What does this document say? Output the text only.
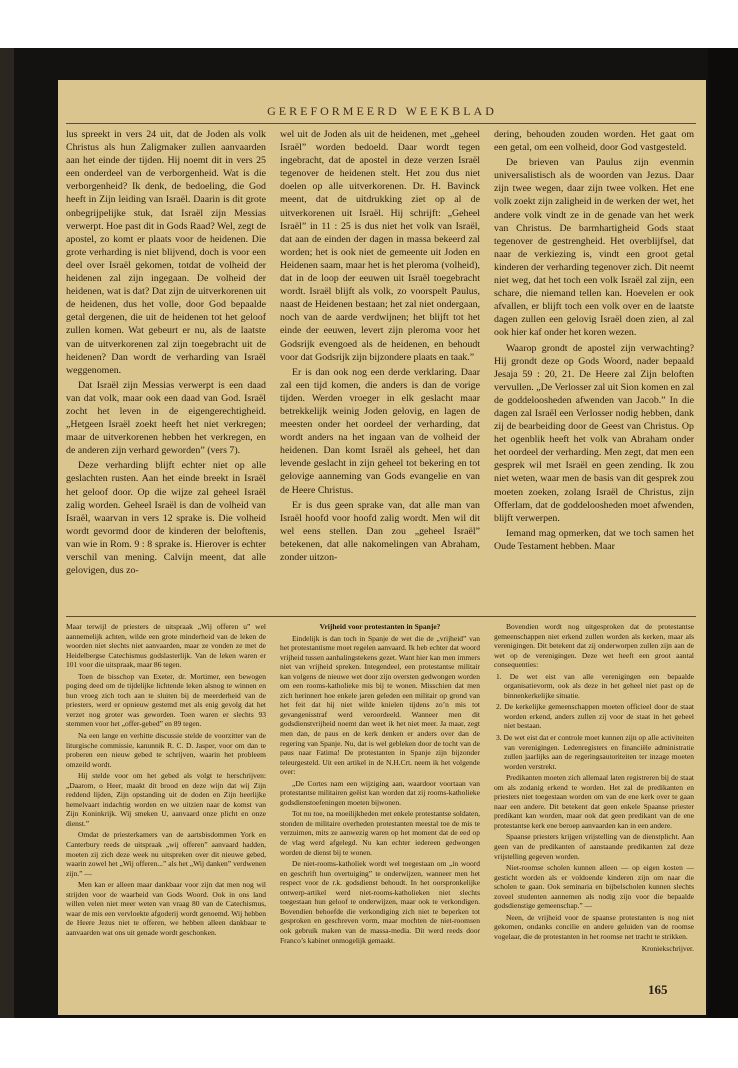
GEREFORMEERD WEEKBLAD

lus spreekt in vers 24 uit, dat de Joden als volk Christus als hun Zaligmaker zullen aanvaarden aan het einde der tijden. Hij noemt dit in vers 25 een onderdeel van de verborgenheid. Wat is die verborgenheid? Ik denk, de bedoeling, die God heeft in Zijn leiding van Israël. Daarin is dit grote onbegrijpelijke stuk, dat Israël zijn Messias verwerpt. Hoe past dit in Gods Raad? Wel, zegt de apostel, zo komt er plaats voor de heidenen. Die grote verharding is niet blijvend, doch is voor een deel over Israël gekomen, totdat de volheid der heidenen zal zijn ingegaan. De volheid der heidenen, wat is dat? Dat zijn de uitverkorenen uit de heidenen, dus het volle, door God bepaalde getal dergenen, die uit de heidenen tot het geloof zullen komen. Wat gebeurt er nu, als de laatste van de uitverkorenen zal zijn toegebracht uit de heidenen? Dan wordt de verharding van Israël weggenomen.

Dat Israël zijn Messias verwerpt is een daad van dat volk, maar ook een daad van God. Israël zocht het leven in de eigengerechtigheid. „Hetgeen Israël zoekt heeft het niet verkregen; maar de uitverkorenen hebben het verkregen, en de anderen zijn verhard geworden” (vers 7).

Deze verharding blijft echter niet op alle geslachten rusten. Aan het einde breekt in Israël het geloof door. Op die wijze zal geheel Israël zalig worden. Geheel Israël is dan de volheid van Israël, waarvan in vers 12 sprake is. Die volheid wordt gevormd door de kinderen der beloftenis, van wie in Rom. 9 : 8 sprake is. Hierover is echter verschil van mening. Calvijn meent, dat alle gelovigen, dus zo-

wel uit de Joden als uit de heidenen, met „geheel Israël” worden bedoeld. Daar wordt tegen ingebracht, dat de apostel in deze verzen Israël tegenover de heidenen stelt. Het zou dus niet doelen op alle uitverkorenen. Dr. H. Bavinck meent, dat de uitdrukking ziet op al de uitverkorenen uit Israël. Hij schrijft: „Geheel Israël” in 11 : 25 is dus niet het volk van Israël, dat aan de einden der dagen in massa bekeerd zal worden; het is ook niet de gemeente uit Joden en Heidenen saam, maar het is het pleroma (volheid), dat in de loop der eeuwen uit Israël toegebracht wordt. Israël blijft als volk, zo voorspelt Paulus, naast de Heidenen bestaan; het zal niet ondergaan, noch van de aarde verdwijnen; het blijft tot het einde der eeuwen, levert zijn pleroma voor het Godsrijk evengoed als de heidenen, en behoudt voor dat Godsrijk zijn bijzondere plaats en taak.”

Er is dan ook nog een derde verklaring. Daar zal een tijd komen, die anders is dan de vorige tijden. Werden vroeger in elk geslacht maar betrekkelijk weinig Joden gelovig, en lagen de meesten onder het oordeel der verharding, dat wordt anders na het ingaan van de volheid der heidenen. Dan komt Israël als geheel, het dan levende geslacht in zijn geheel tot bekering en tot gelovige aanneming van Gods evangelie en van de Heere Christus.

Er is dus geen sprake van, dat alle man van Israël hoofd voor hoofd zalig wordt. Men wil dit wel eens stellen. Dan zou „geheel Israël” betekenen, dat alle nakomelingen van Abraham, zonder uitzon-

dering, behouden zouden worden. Het gaat om een getal, om een volheid, door God vastgesteld.

De brieven van Paulus zijn evenmin universalistisch als de woorden van Jezus. Daar zijn twee wegen, daar zijn twee volken. Het ene volk zoekt zijn zaligheid in de werken der wet, het andere volk vindt ze in de genade van het werk van Christus. De barmhartigheid Gods staat tegenover de gestrengheid. Het overblijfsel, dat naar de verkiezing is, vindt een groot getal kinderen der verharding tegenover zich. Dit neemt niet weg, dat het toch een volk Israël zal zijn, een schare, die niemand tellen kan. Hoevelen er ook afvallen, er blijft toch een volk over en de laatste dagen zullen een gelovig Israël doen zien, al zal ook hier kaf onder het koren wezen.

Waarop grondt de apostel zijn verwachting? Hij grondt deze op Gods Woord, nader bepaald Jesaja 59 : 20, 21. De Heere zal Zijn beloften vervullen. „De Verlosser zal uit Sion komen en zal de goddeloosheden afwenden van Jacob.” In die dagen zal Israël een Verlosser nodig hebben, dank zij de bearbeiding door de Geest van Christus. Op het ogenblik heeft het volk van Abraham onder het oordeel der verharding. Men zegt, dat men een gesprek wil met Israël en geen zending. Ik zou niet weten, waar men de basis van dit gesprek zou moeten zoeken, zolang Israël de Christus, zijn Offerlam, dat de goddeloosheden moet afwenden, blijft verwerpen.

Iemand mag opmerken, dat we toch samen het Oude Testament hebben. Maar

Maar terwijl de priesters de uitspraak „Wij offeren u” wel aannemelijk achten, wilde een grote minderheid van de leken de woorden niet slechts niet aanvaarden, maar ze vonden ze met de Heidelbergse Catechismus godslasterlijk. Van de leken waren er 101 voor die uitspraak, maar 86 tegen.

Toen de bisschop van Exeter, dr. Mortimer, een bewogen poging deed om de tijdelijke lichtende leken alsnog te winnen en hun vroeg zich toch aan te sluiten bij de meerderheid van de priesters, werd er opnieuw gestemd met als enig gevolg dat het verzet nog groter was geworden. Toen waren er slechts 93 stemmen voor het „offer-gebed” en 89 tegen.

Na een lange en verhitte discussie stelde de voorzitter van de liturgische commissie, kanunnik R. C. D. Jasper, voor om dan te proberen een nieuw gebed te schrijven, waarin het probleem omzeild wordt.

Hij stelde voor om het gebed als volgt te herschrijven: „Daarom, o Heer, maakt dit brood en deze wijn dat wij Zijn reddend lijden, Zijn opstanding uit de doden en Zijn heerlijke hemelvaart indachtig worden en we uitzien naar de komst van Zijn Koninkrijk. Wij smeken U, aanvaard onze plicht en onze dienst.”

Omdat de priesterkamers van de aartsbisdommen York en Canterbury reeds de uitspraak „wij offeren” aanvaard hadden, moeten zij zich deze week nu uitspreken over dit nieuwe gebed, waarin zowel het „Wij offeren...” als het „Wij danken” verdwenen zijn.” —

Men kan er alleen maar dankbaar voor zijn dat men nog wil strijden voor de waarheid van Gods Woord. Ook in ons land willen velen niet meer weten van vraag 80 van de Catechismus, waar de mis een vervloekte afgoderij wordt genoemd. Wij hebben de Heere Jezus niet te offeren, we hebben alleen dankbaar te aanvaarden wat ons uit genade wordt geschonken.

Vrijheid voor protestanten in Spanje?

Eindelijk is dan toch in Spanje de wet die de „vrijheid” van het protestantisme moet regelen aanvaard. Ik heb echter dat woord vrijheid tussen aanhalingstekens gezet. Want hier kan men immers niet van vrijheid spreken. Integendeel, een protestantse militair kan volgens de nieuwe wet door zijn oversten gedwongen worden om een rooms-katholieke mis bij te wonen. Misschien dat men zich herinnert hoe enkele jaren geleden een militair op grond van het feit dat hij niet wilde knielen tijdens zo’n mis tot gevangenisstraf werd veroordeeld. Wanneer men dit godsdienstvrijheid noemt dan weet ik het niet meer. Ja maar, zegt men dan, de paus en de kerk denken er anders over dan de regering van Spanje. Nu, dat is wel gebleken door de tocht van de paus naar Fatima! De protestanten in Spanje zijn bijzonder teleurgesteld. Uit een artikel in de N.H.Crt. neem ik het volgende over:

„De Cortes nam een wijziging aan, waardoor voortaan van protestantse militairen geëist kan worden dat zij rooms-katholieke godsdienstoefeningen moeten bijwonen.

Tot nu toe, na moeilijkheden met enkele protestantse soldaten, stonden de militaire overheden protestanten meestal toe de mis te verzuimen, mits ze aanwezig waren op het moment dat de eed op de vlag werd afgelegd. Nu kan echter iedereen gedwongen worden de dienst bij te wonen.

De niet-rooms-katholiek wordt wel toegestaan om „in woord en geschrift hun overtuiging” te onderwijzen, wanneer men het respect voor de r.k. godsdienst behoudt. In het oorspronkelijke ontwerp-artikel werd niet-rooms-katholieken niet slechts toegestaan hun geloof te onderwijzen, maar ook te verkondigen. Bovendien behoefde die verkondiging zich niet te beperken tot gesproken en geschreven vorm, maar mochten de niet-roomsen ook gebruik maken van de massa-media. Dit werd reeds door Franco’s kabinet onmogelijk gemaakt.

Bovendien wordt nog uitgesproken dat de protestantse gemeenschappen niet erkend zullen worden als kerken, maar als verenigingen. Dit betekent dat zij onderworpen zullen zijn aan de wet op de verenigingen. Deze wet heeft een groot aantal consequenties:

1. De wet eist van alle verenigingen een bepaalde organisatievorm, ook als deze in het geheel niet past op de binnenkerkelijke situatie.

2. De kerkelijke gemeenschappen moeten officieel door de staat worden erkend, anders zullen zij voor de staat in het geheel niet bestaan.

3. De wet eist dat er controle moet kunnen zijn op alle activiteiten van verenigingen. Ledenregisters en financiële administratie zullen jaarlijks aan de regeringsautoriteiten ter inzage moeten worden verstrekt.

Predikanten moeten zich allemaal laten registreren bij de staat om als zodanig erkend te worden. Het zal de predikanten en priesters niet toegestaan worden om van de ene kerk over te gaan naar een andere. Dit betekent dat geen enkele Spaanse priester predikant kan worden, maar ook dat geen predikant van de ene protestantse kerk ene beroep aanvaarden kan in een andere.

Spaanse priesters krijgen vrijstelling van de dienstplicht. Aan geen van de predikanten of aanstaande predikanten zal deze vrijstelling gegeven worden.

Niet-roomse scholen kunnen alleen — op eigen kosten — gesticht worden als er voldoende kinderen zijn om naar die scholen te gaan. Ook seminaria en bijbelscholen kunnen slechts zoveel studenten aannemen als nodig zijn voor die bepaalde godsdienstige gemeenschap.” —

Neen, de vrijheid voor de spaanse protestanten is nog niet gekomen, ondanks concilie en andere geluiden van de roomse vogelaar, die de protestanten in het roomse net tracht te strikken.

Kroniekschrijver.

165
